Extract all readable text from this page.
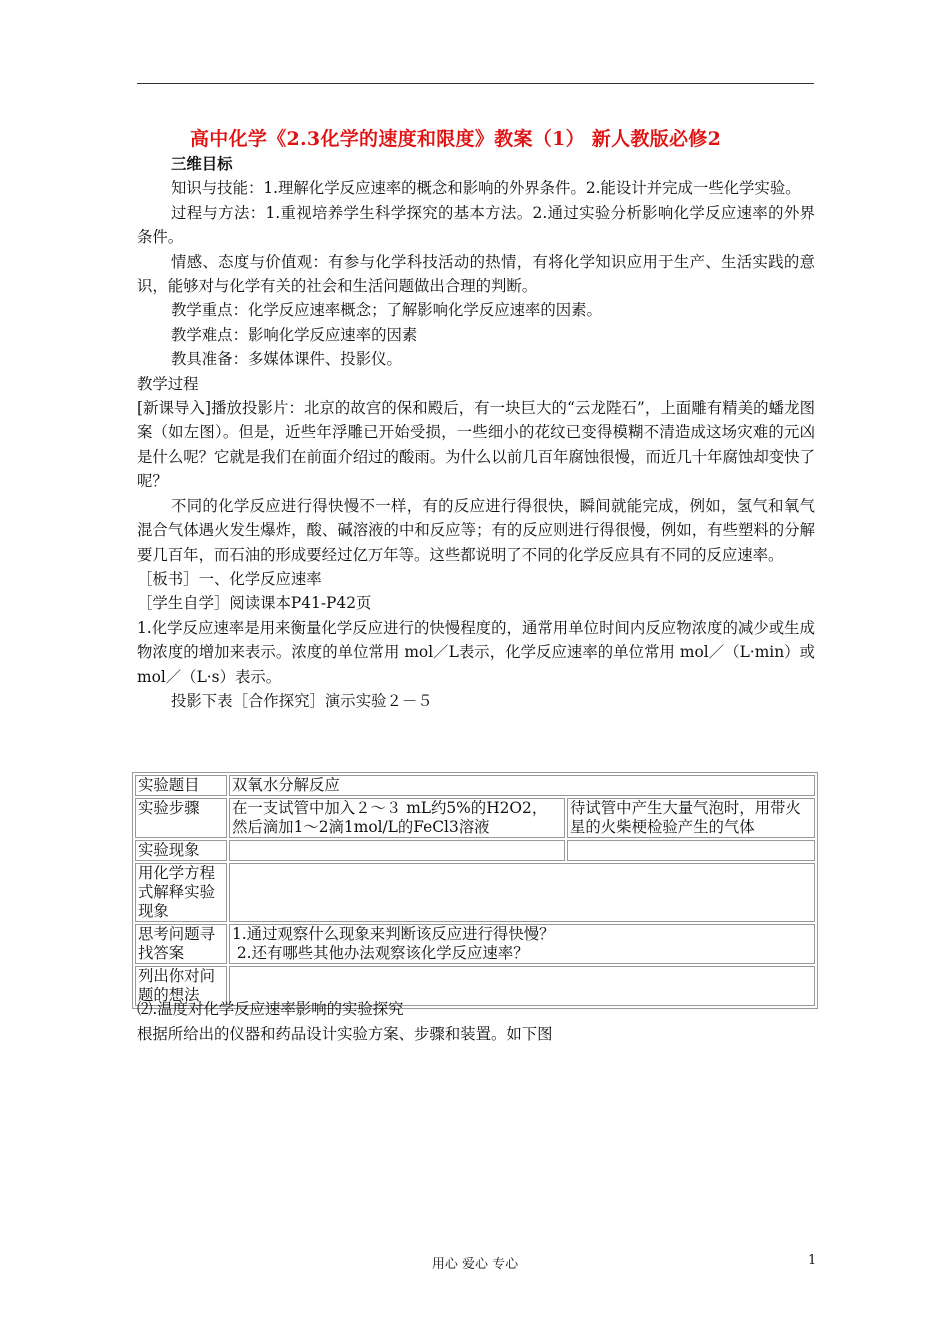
高中化学《2.3化学的速度和限度》教案（1） 新人教版必修2

三维目标

知识与技能：1.理解化学反应速率的概念和影响的外界条件。2.能设计并完成一些化学实验。

过程与方法：1.重视培养学生科学探究的基本方法。2.通过实验分析影响化学反应速率的外界条件。

情感、态度与价值观：有参与化学科技活动的热情，有将化学知识应用于生产、生活实践的意识，能够对与化学有关的社会和生活问题做出合理的判断。

教学重点：化学反应速率概念；了解影响化学反应速率的因素。

教学难点：影响化学反应速率的因素

教具准备：多媒体课件、投影仪。

教学过程

[新课导入]播放投影片：北京的故宫的保和殿后，有一块巨大的“云龙陛石”，上面雕有精美的蟠龙图案（如左图）。但是，近些年浮雕已开始受损，一些细小的花纹已变得模糊不清造成这场灾难的元凶是什么呢？它就是我们在前面介绍过的酸雨。为什么以前几百年腐蚀很慢，而近几十年腐蚀却变快了呢？

不同的化学反应进行得快慢不一样，有的反应进行得很快，瞬间就能完成，例如，氢气和氧气混合气体遇火发生爆炸，酸、碱溶液的中和反应等；有的反应则进行得很慢，例如，有些塑料的分解要几百年，而石油的形成要经过亿万年等。这些都说明了不同的化学反应具有不同的反应速率。

［板书］一、化学反应速率

［学生自学］阅读课本P41-P42页

1.化学反应速率是用来衡量化学反应进行的快慢程度的，通常用单位时间内反应物浓度的减少或生成物浓度的增加来表示。浓度的单位常用 mol／L表示，化学反应速率的单位常用 mol／（L·min）或mol／（L·s）表示。

投影下表［合作探究］演示实验２－５

实验题目	双氧水分解反应	
实验步骤	在一支试管中加入２～３ mL约5%的H2O2，然后滴加1～2滴1mol/L的FeCl3溶液	待试管中产生大量气泡时，用带火星的火柴梗检验产生的气体
实验现象		
用化学方程式解释实验现象		
思考问题寻找答案	1.通过观察什么现象来判断该反应进行得快慢？
2.还有哪些其他办法观察该化学反应速率？	

列出你对问题的想法		

⑵.温度对化学反应速率影响的实验探究

根据所给出的仪器和药品设计实验方案、步骤和装置。如下图

用心 爱心 专心	1
